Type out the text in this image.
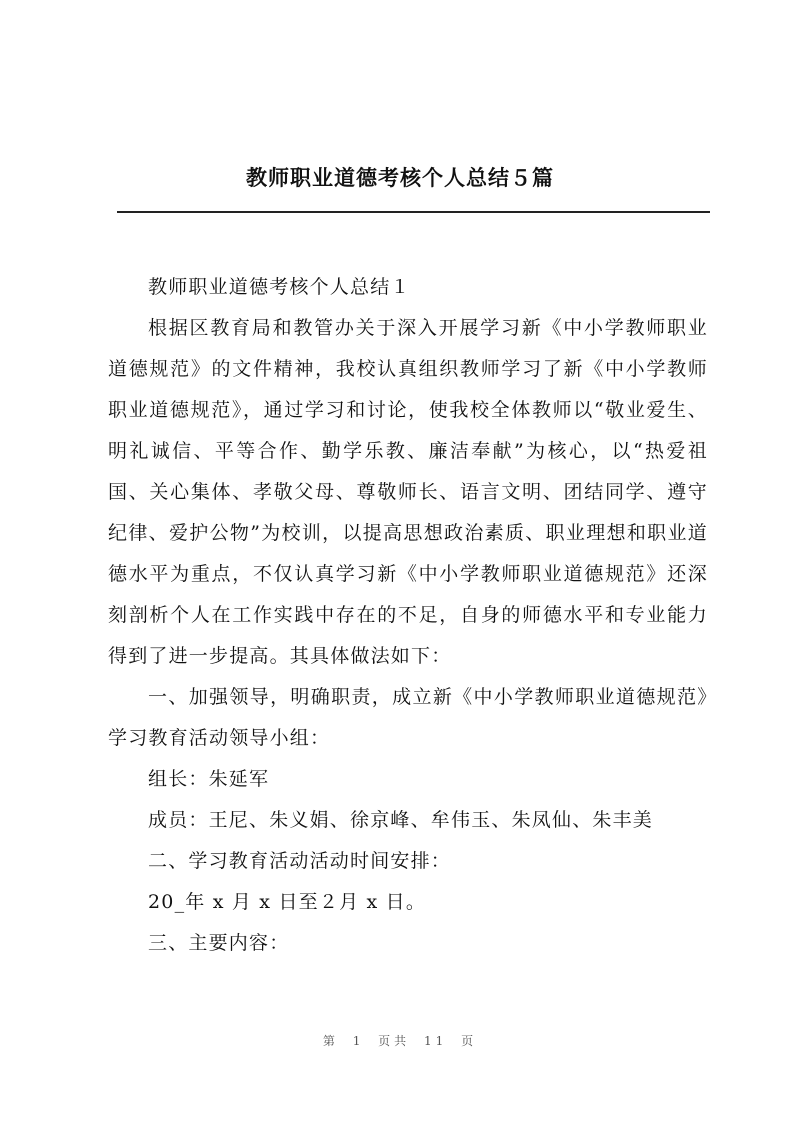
教师职业道德考核个人总结５篇

教师职业道德考核个人总结１

根据区教育局和教管办关于深入开展学习新《中小学教师职业道德规范》的文件精神，我校认真组织教师学习了新《中小学教师职业道德规范》，通过学习和讨论，使我校全体教师以“敬业爱生、明礼诚信、平等合作、勤学乐教、廉洁奉献”为核心，以“热爱祖国、关心集体、孝敬父母、尊敬师长、语言文明、团结同学、遵守纪律、爱护公物”为校训，以提高思想政治素质、职业理想和职业道德水平为重点，不仅认真学习新《中小学教师职业道德规范》还深刻剖析个人在工作实践中存在的不足，自身的师德水平和专业能力得到了进一步提高。其具体做法如下：

一、加强领导，明确职责，成立新《中小学教师职业道德规范》学习教育活动领导小组：

组长：朱延军

成员：王尼、朱义娟、徐京峰、牟伟玉、朱凤仙、朱丰美

二、学习教育活动活动时间安排：

20_年 x 月 x 日至２月 x 日。

三、主要内容：

第 1 页共 11 页
